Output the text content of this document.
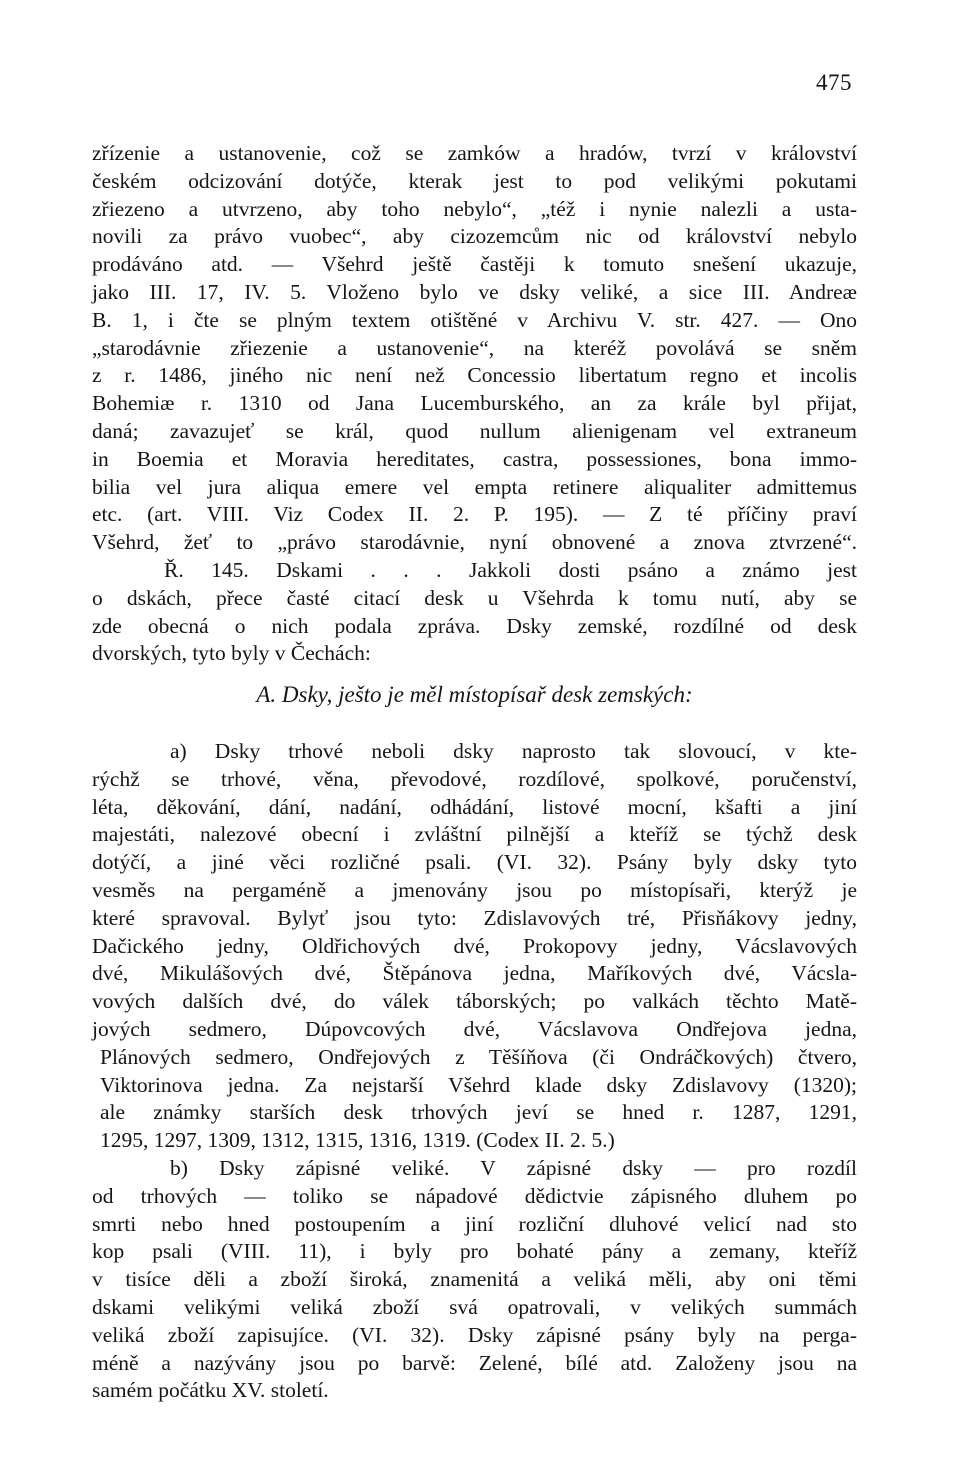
475
zřízenie a ustanovenie, což se zamków a hradów, tvrzí v království
českém odcizování dotýče, kterak jest to pod velikými pokutami
zřiezeno a utvrzeno, aby toho nebylo“, „též i nynie nalezli a usta-
novili za právo vuobec“, aby cizozemcům nic od království nebylo
prodáváno atd. — Všehrd ještě častěji k tomuto snešení ukazuje,
jako III. 17, IV. 5. Vloženo bylo ve dsky veliké, a sice III. Andreæ
B. 1, i čte se plným textem otištěné v Archivu V. str. 427. — Ono
„starodávnie zřiezenie a ustanovenie“, na kteréž povolává se sněm
z r. 1486, jiného nic není než Concessio libertatum regno et incolis
Bohemiæ r. 1310 od Jana Lucemburského, an za krále byl přijat,
daná; zavazujeť se král, quod nullum alienigenam vel extraneum
in Boemia et Moravia hereditates, castra, possessiones, bona immo-
bilia vel jura aliqua emere vel empta retinere aliqualiter admittemus
etc. (art. VIII. Viz Codex II. 2. P. 195). — Z té příčiny praví
Všehrd, žeť to „právo starodávnie, nyní obnovené a znova ztvrzené“.
Ř. 145. Dskami . . . Jakkoli dosti psáno a známo jest
o dskách, přece časté citací desk u Všehrda k tomu nutí, aby se
zde obecná o nich podala zpráva. Dsky zemské, rozdílné od desk
dvorských, tyto byly v Čechách:
A. Dsky, ješto je měl místopísař desk zemských:
a) Dsky trhové neboli dsky naprosto tak slovoucí, v kte-
rýchž se trhové, věna, převodové, rozdílové, spolkové, poručenství,
léta, děkování, dání, nadání, odhádání, listové mocní, kšafti a jiní
majestáti, nalezové obecní i zvláštní pilnější a kteříž se týchž desk
dotýčí, a jiné věci rozličné psali. (VI. 32). Psány byly dsky tyto
vesměs na pergaméně a jmenovány jsou po místopísaři, kterýž je
které spravoval. Bylyť jsou tyto: Zdislavových tré, Přisňákovy jedny,
Dačického jedny, Oldřichových dvé, Prokopovy jedny, Vácslavových
dvé, Mikulášových dvé, Štěpánova jedna, Maříkových dvé, Vácsla-
vových dalších dvé, do válek táborských; po valkách těchto Matě-
jových sedmero, Dúpovcových dvé, Vácslavova Ondřejova jedna,
Plánových sedmero, Ondřejových z Těšíňova (či Ondráčkových) čtvero,
Viktorinova jedna. Za nejstarší Všehrd klade dsky Zdislavovy (1320);
ale známky starších desk trhových jeví se hned r. 1287, 1291,
1295, 1297, 1309, 1312, 1315, 1316, 1319. (Codex II. 2. 5.)
b) Dsky zápisné veliké. V zápisné dsky — pro rozdíl
od trhových — toliko se nápadové dědictvie zápisného dluhem po
smrti nebo hned postoupením a jiní rozliční dluhové velicí nad sto
kop psali (VIII. 11), i byly pro bohaté pány a zemany, kteříž
v tisíce děli a zboží široká, znamenitá a veliká měli, aby oni těmi
dskami velikými veliká zboží svá opatrovali, v velikých summách
veliká zboží zapisujíce. (VI. 32). Dsky zápisné psány byly na perga-
méně a nazývány jsou po barvě: Zelené, bílé atd. Založeny jsou na
samém počátku XV. století.
